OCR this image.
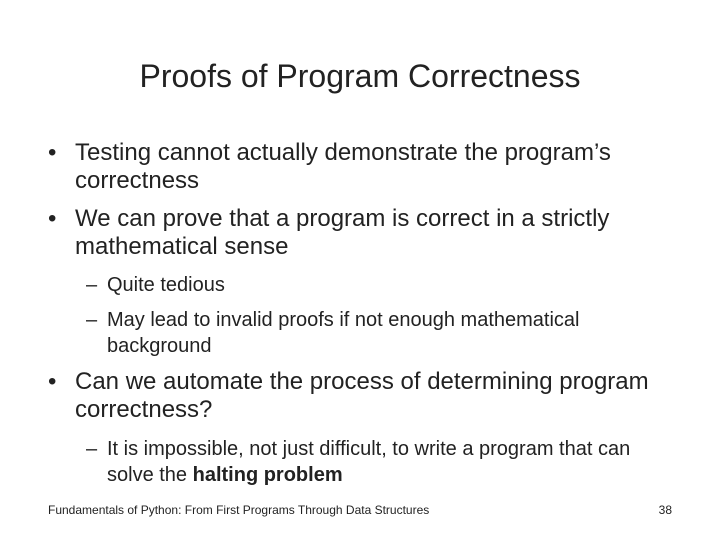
Proofs of Program Correctness
• Testing cannot actually demonstrate the program’s correctness
• We can prove that a program is correct in a strictly mathematical sense
– Quite tedious
– May lead to invalid proofs if not enough mathematical background
• Can we automate the process of determining program correctness?
– It is impossible, not just difficult, to write a program that can solve the halting problem
Fundamentals of Python: From First Programs Through Data Structures	38
